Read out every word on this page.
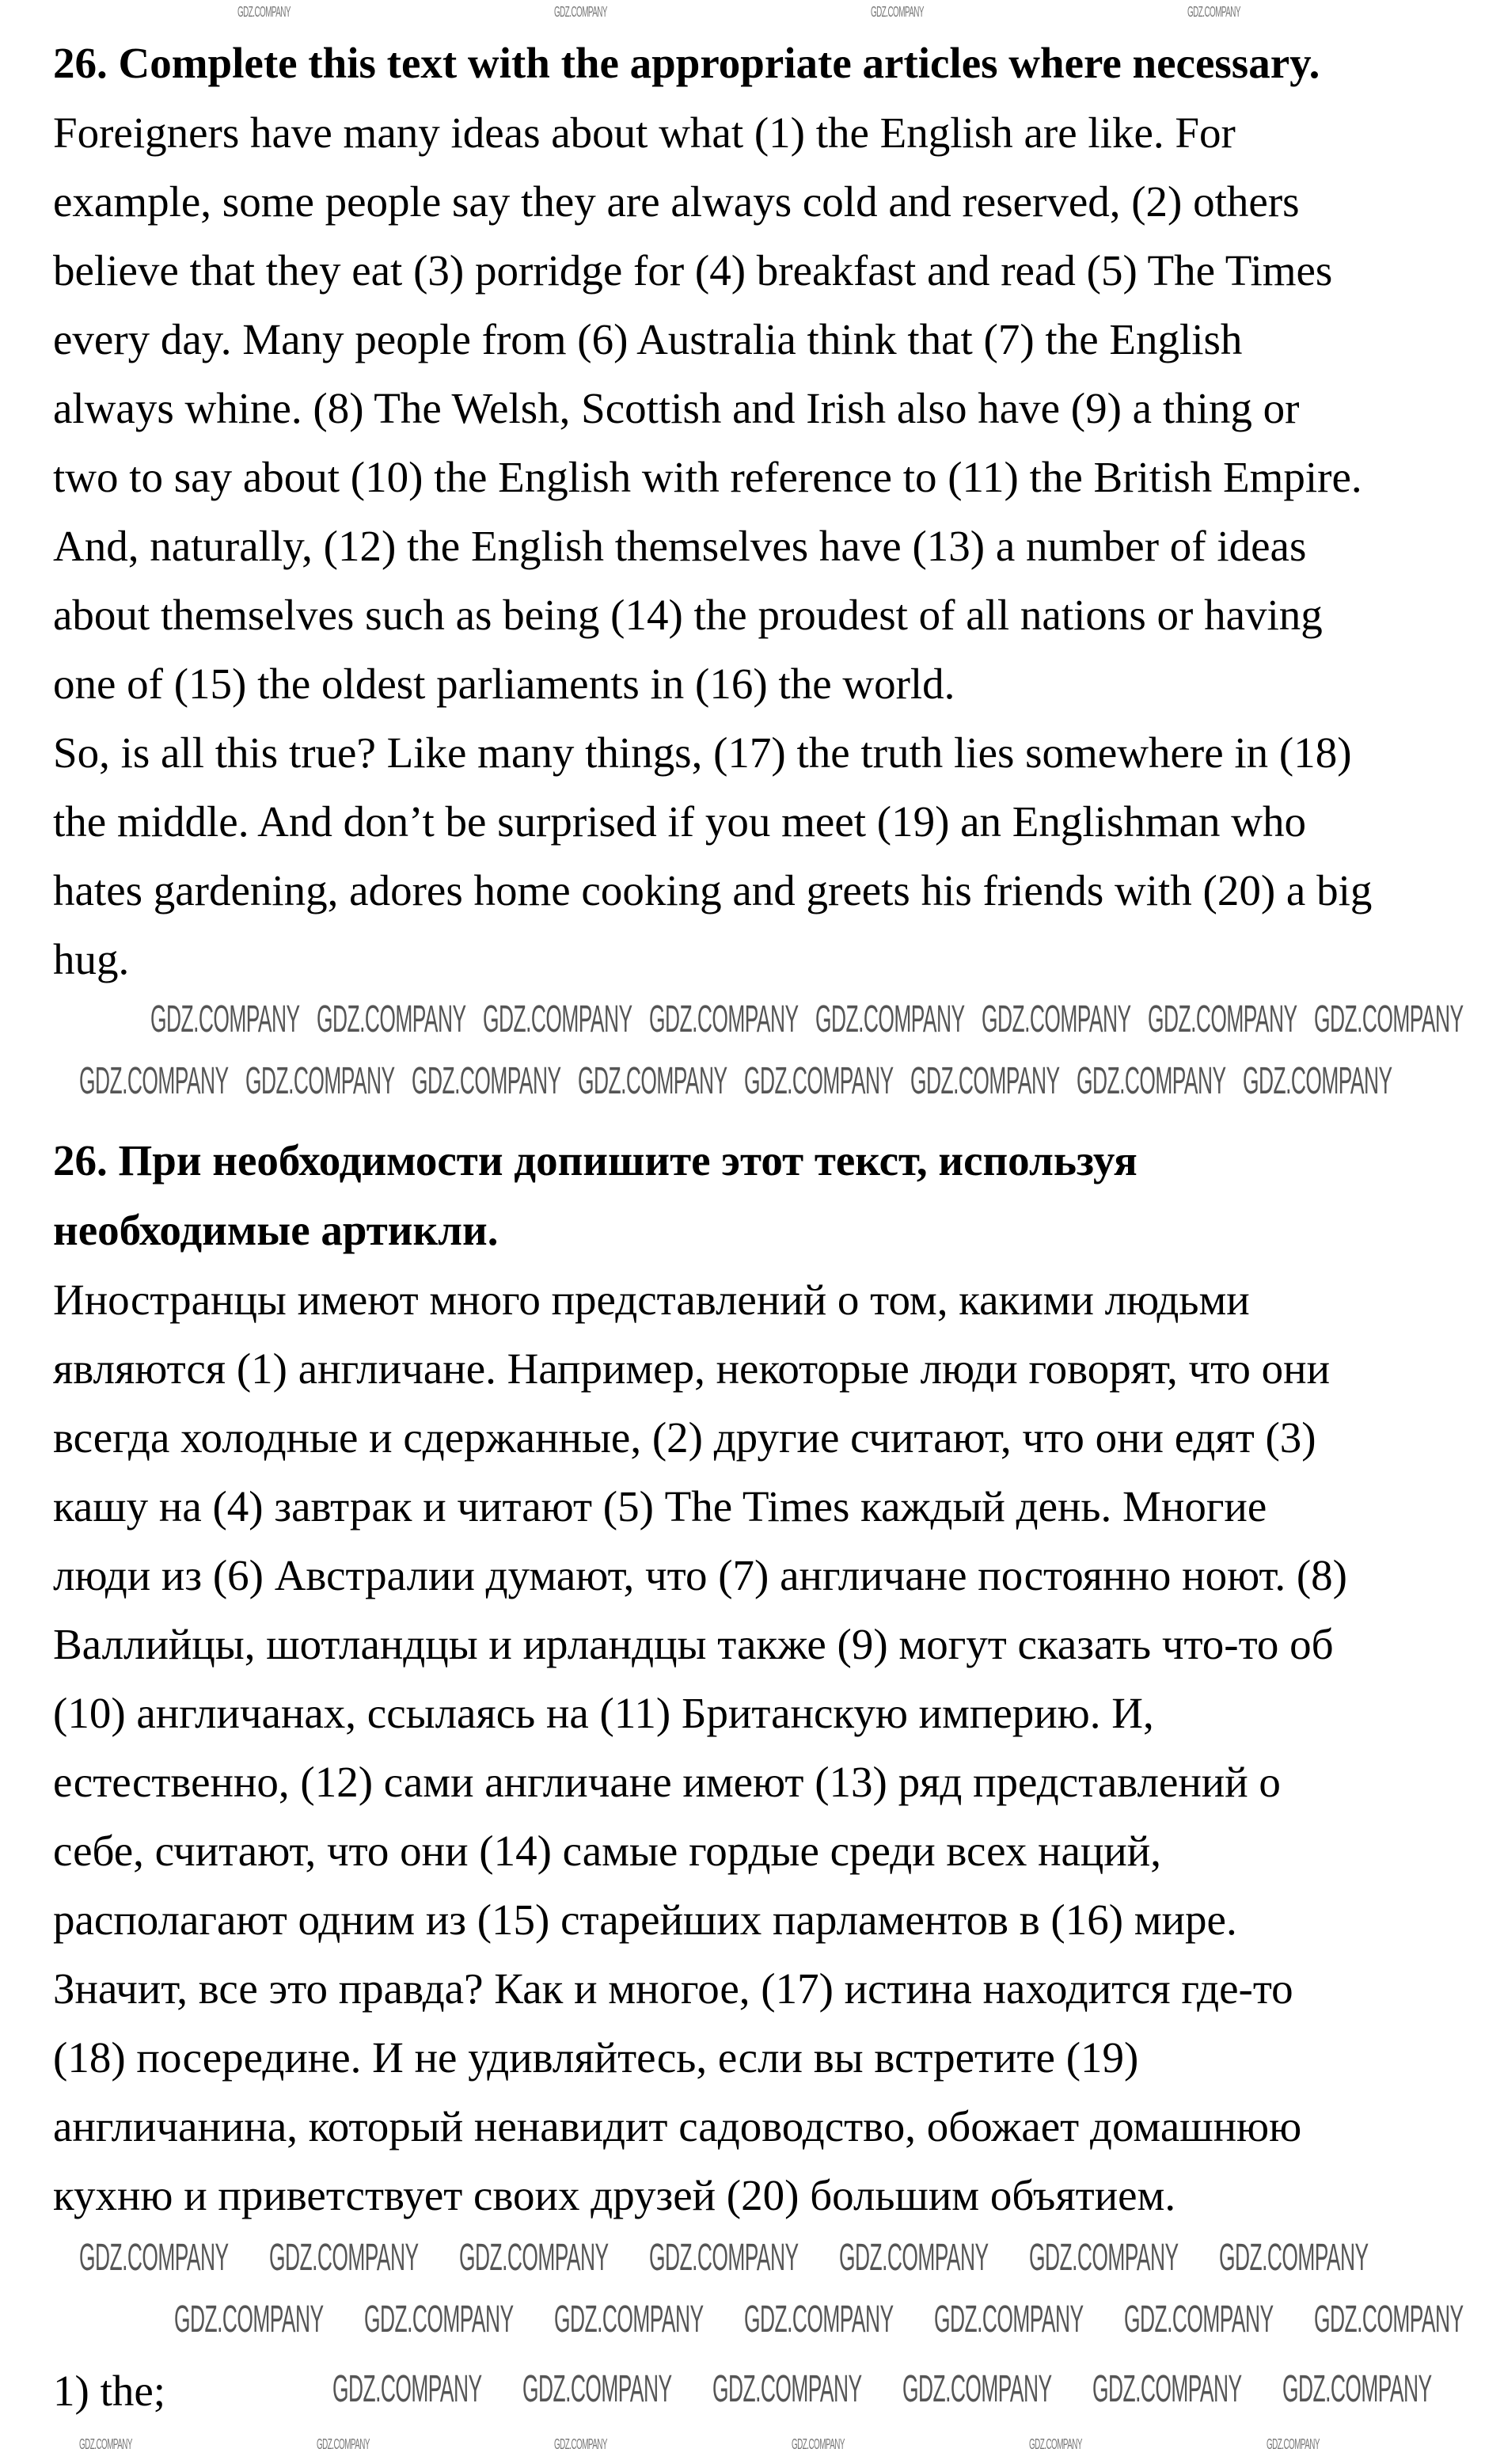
26. Complete this text with the appropriate articles where necessary.
Foreigners have many ideas about what (1) the English are like. For
example, some people say they are always cold and reserved, (2) others
believe that they eat (3) porridge for (4) breakfast and read (5) The Times
every day. Many people from (6) Australia think that (7) the English
always whine. (8) The Welsh, Scottish and Irish also have (9) a thing or
two to say about (10) the English with reference to (11) the British Empire.
And, naturally, (12) the English themselves have (13) a number of ideas
about themselves such as being (14) the proudest of all nations or having
one of (15) the oldest parliaments in (16) the world.
So, is all this true? Like many things, (17) the truth lies somewhere in (18)
the middle. And don’t be surprised if you meet (19) an Englishman who
hates gardening, adores home cooking and greets his friends with (20) a big
hug.
26. При необходимости допишите этот текст, используя
необходимые артикли.
Иностранцы имеют много представлений о том, какими людьми
являются (1) англичане. Например, некоторые люди говорят, что они
всегда холодные и сдержанные, (2) другие считают, что они едят (3)
кашу на (4) завтрак и читают (5) The Times каждый день. Многие
люди из (6) Австралии думают, что (7) англичане постоянно ноют. (8)
Валлийцы, шотландцы и ирландцы также (9) могут сказать что-то об
(10) англичанах, ссылаясь на (11) Британскую империю. И,
естественно, (12) сами англичане имеют (13) ряд представлений о
себе, считают, что они (14) самые гордые среди всех наций,
располагают одним из (15) старейших парламентов в (16) мире.
Значит, все это правда? Как и многое, (17) истина находится где-то
(18) посередине. И не удивляйтесь, если вы встретите (19)
англичанина, который ненавидит садоводство, обожает домашнюю
кухню и приветствует своих друзей (20) большим объятием.
1) the;
GDZ.COMPANY	GDZ.COMPANY	GDZ.COMPANY	GDZ.COMPANY
GDZ.COMPANY GDZ.COMPANY GDZ.COMPANY GDZ.COMPANY GDZ.COMPANY GDZ.COMPANY GDZ.COMPANY GDZ.COMPANY
GDZ.COMPANY GDZ.COMPANY GDZ.COMPANY GDZ.COMPANY GDZ.COMPANY GDZ.COMPANY GDZ.COMPANY GDZ.COMPANY
GDZ.COMPANY GDZ.COMPANY GDZ.COMPANY GDZ.COMPANY GDZ.COMPANY GDZ.COMPANY GDZ.COMPANY
GDZ.COMPANY GDZ.COMPANY GDZ.COMPANY GDZ.COMPANY GDZ.COMPANY GDZ.COMPANY GDZ.COMPANY
GDZ.COMPANY GDZ.COMPANY GDZ.COMPANY GDZ.COMPANY GDZ.COMPANY GDZ.COMPANY
GDZ.COMPANY	GDZ.COMPANY	GDZ.COMPANY	GDZ.COMPANY	GDZ.COMPANY	GDZ.COMPANY
